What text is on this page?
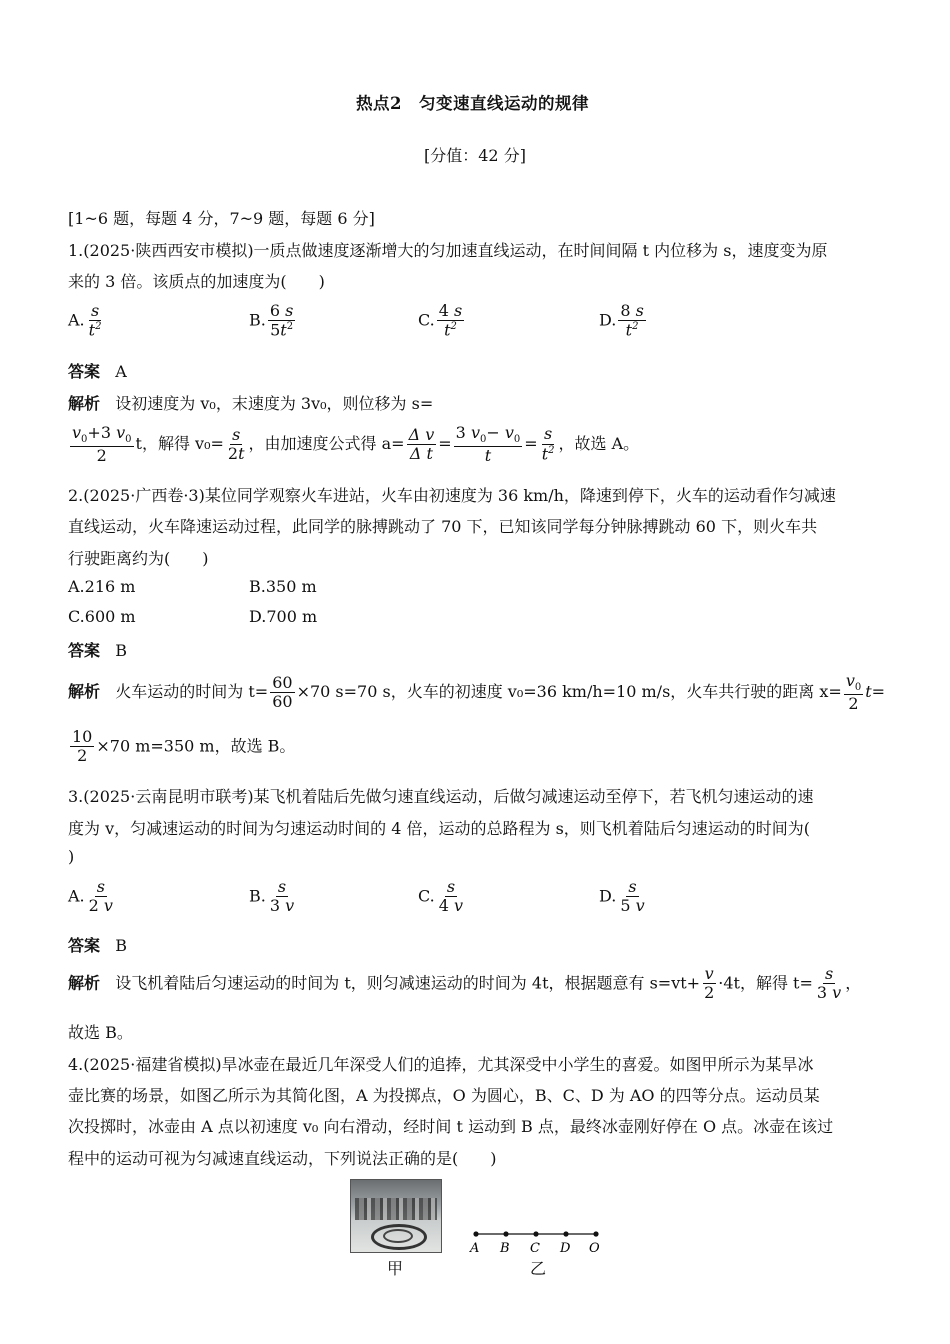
热点2　匀变速直线运动的规律
[分值：42 分]
[1~6 题，每题 4 分，7~9 题，每题 6 分]
1.(2025·陕西西安市模拟)一质点做速度逐渐增大的匀加速直线运动，在时间间隔 t 内位移为 s，速度变为原
来的 3 倍。该质点的加速度为(　　)
A. $\frac{s}{t^2}$	B. $\frac{6 s}{5t^2}$	C. $\frac{4 s}{t^2}$	D. $\frac{8 s}{t^2}$
答案 A
解析 设初速度为 v₀，末速度为 3v₀，则位移为 s=
$\frac{v_0+3 v_0}{2}$ t，解得 $v_0= \frac{s}{2t}$ ，由加速度公式得 $a= \frac{\text{Δ v}}{\text{Δ t}} = \frac{3 v_0- v_0}{t} = \frac{s}{t^2}$ ，故选 A。
2.(2025·广西卷·3)某位同学观察火车进站，火车由初速度为 36 km/h，降速到停下，火车的运动看作匀减速
直线运动，火车降速运动过程，此同学的脉搏跳动了 70 下，已知该同学每分钟脉搏跳动 60 下，则火车共
行驶距离约为(　　)
A.216 m	B.350 m
C.600 m	D.700 m
答案 B
解析 火车运动的时间为 $t= \frac{60}{60} \times 70$ s=70 s，火车的初速度 v₀=36 km/h=10 m/s，火车共行驶的距离 $x= \frac{v_0}{2} t=$
$\frac{10}{2} \times 70$ m=350 m，故选 B。
3.(2025·云南昆明市联考)某飞机着陆后先做匀速直线运动，后做匀减速运动至停下，若飞机匀速运动的速
度为 v，匀减速运动的时间为匀速运动时间的 4 倍，运动的总路程为 s，则飞机着陆后匀速运动的时间为(
)
A. $\frac{s}{2 v}$	B. $\frac{s}{3 v}$	C. $\frac{s}{4 v}$	D. $\frac{s}{5 v}$
答案 B
解析 设飞机着陆后匀速运动的时间为 t，则匀减速运动的时间为 4t，根据题意有 $s=vt+ \frac{v}{2} \cdot 4t$，解得 $t= \frac{s}{3 v}$ ，
故选 B。
4.(2025·福建省模拟)旱冰壶在最近几年深受人们的追捧，尤其深受中小学生的喜爱。如图甲所示为某旱冰
壶比赛的场景，如图乙所示为其简化图，A 为投掷点，O 为圆心，B、C、D 为 AO 的四等分点。运动员某
次投掷时，冰壶由 A 点以初速度 v₀ 向右滑动，经时间 t 运动到 B 点，最终冰壶刚好停在 O 点。冰壶在该过
程中的运动可视为匀减速直线运动，下列说法正确的是(　　)
甲
A B C D O
乙
